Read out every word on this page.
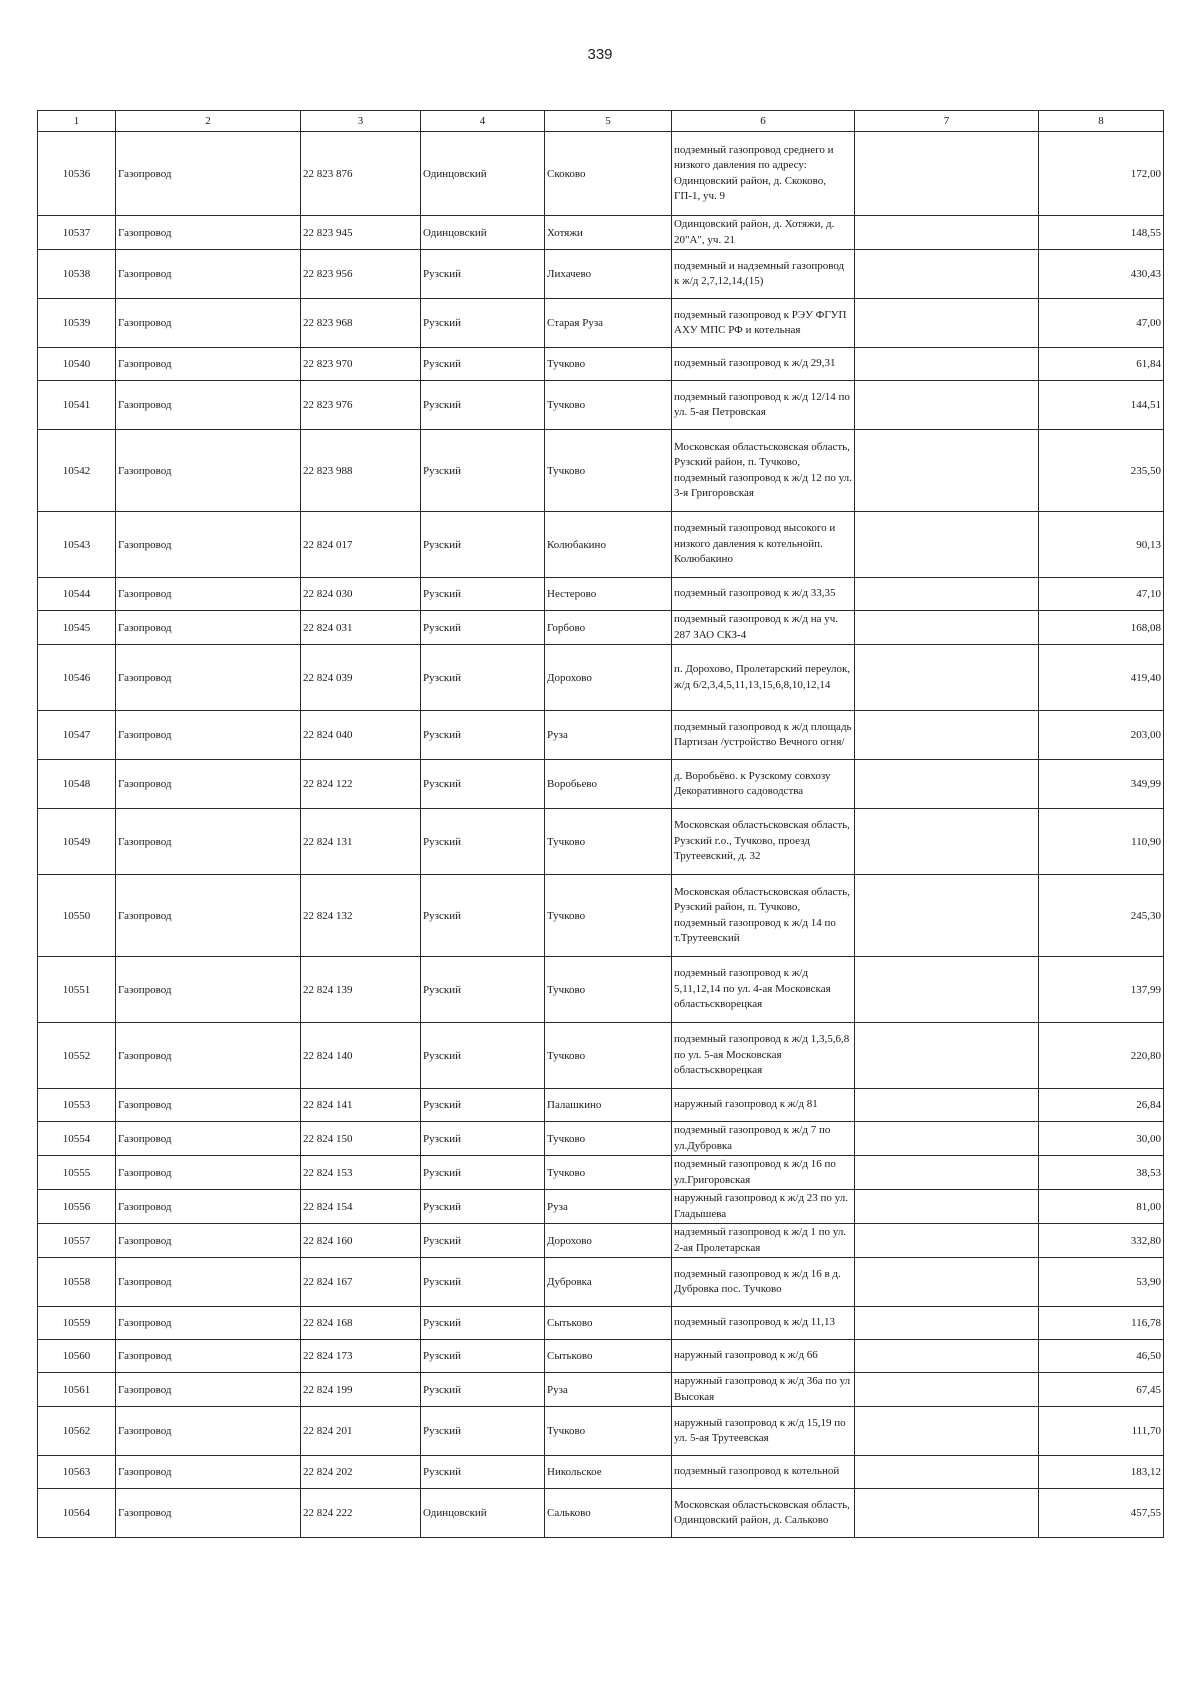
339
1	2	3	4	5	6	7	8
10536	Газопровод	22 823 876	Одинцовский	Скоково	подземный газопровод среднего и низкого давления по адресу: Одинцовский район, д. Скоково, ГП-1, уч. 9		172,00
10537	Газопровод	22 823 945	Одинцовский	Хотяжи	Одинцовский район, д. Хотяжи, д. 20"А", уч. 21		148,55
10538	Газопровод	22 823 956	Рузский	Лихачево	подземный и надземный газопровод к ж/д 2,7,12,14,(15)		430,43
10539	Газопровод	22 823 968	Рузский	Старая Руза	подземный газопровод к РЭУ ФГУП АХУ МПС РФ и котельная		47,00
10540	Газопровод	22 823 970	Рузский	Тучково	подземный газопровод к ж/д 29,31		61,84
10541	Газопровод	22 823 976	Рузский	Тучково	подземный газопровод к ж/д 12/14 по ул. 5-ая Петровская		144,51
10542	Газопровод	22 823 988	Рузский	Тучково	Московская областьсковская область, Рузский район, п. Тучково, подземный газопровод к ж/д 12 по ул. 3-я Григоровская		235,50
10543	Газопровод	22 824 017	Рузский	Колюбакино	подземный газопровод высокого и низкого давления к котельнойп. Колюбакино		90,13
10544	Газопровод	22 824 030	Рузский	Нестерово	подземный газопровод к ж/д 33,35		47,10
10545	Газопровод	22 824 031	Рузский	Горбово	подземный газопровод к ж/д на уч. 287 ЗАО СКЗ-4		168,08
10546	Газопровод	22 824 039	Рузский	Дорохово	п. Дорохово, Пролетарский переулок, ж/д 6/2,3,4,5,11,13,15,6,8,10,12,14		419,40
10547	Газопровод	22 824 040	Рузский	Руза	подземный газопровод к ж/д площадь Партизан /устройство Вечного огня/		203,00
10548	Газопровод	22 824 122	Рузский	Воробьево	д. Воробьёво. к Рузскому совхозу Декоративного садоводства		349,99
10549	Газопровод	22 824 131	Рузский	Тучково	Московская областьсковская область, Рузский г.о., Тучково, проезд Трутеевский, д. 32		110,90
10550	Газопровод	22 824 132	Рузский	Тучково	Московская областьсковская область, Рузский район, п. Тучково, подземный газопровод к ж/д 14 по т.Трутеевский		245,30
10551	Газопровод	22 824 139	Рузский	Тучково	подземный газопровод к ж/д 5,11,12,14 по ул. 4-ая Московская областьскворецкая		137,99
10552	Газопровод	22 824 140	Рузский	Тучково	подземный газопровод к ж/д 1,3,5,6,8 по ул. 5-ая Московская областьскворецкая		220,80
10553	Газопровод	22 824 141	Рузский	Палашкино	наружный газопровод к ж/д 81		26,84
10554	Газопровод	22 824 150	Рузский	Тучково	подземный газопровод к ж/д 7 по ул.Дубровка		30,00
10555	Газопровод	22 824 153	Рузский	Тучково	подземный газопровод к ж/д 16 по ул.Григоровская		38,53
10556	Газопровод	22 824 154	Рузский	Руза	наружный газопровод к ж/д 23 по ул. Гладышева		81,00
10557	Газопровод	22 824 160	Рузский	Дорохово	надземный газопровод к ж/д 1 по ул. 2-ая Пролетарская		332,80
10558	Газопровод	22 824 167	Рузский	Дубровка	подземный газопровод к ж/д 16 в д. Дубровка пос. Тучково		53,90
10559	Газопровод	22 824 168	Рузский	Сытьково	подземный газопровод к ж/д 11,13		116,78
10560	Газопровод	22 824 173	Рузский	Сытьково	наружный газопровод к ж/д 66		46,50
10561	Газопровод	22 824 199	Рузский	Руза	наружный газопровод к ж/д 36а по ул Высокая		67,45
10562	Газопровод	22 824 201	Рузский	Тучково	наружный газопровод к ж/д 15,19 по ул. 5-ая Трутеевская		111,70
10563	Газопровод	22 824 202	Рузский	Никольское	подземный газопровод к котельной		183,12
10564	Газопровод	22 824 222	Одинцовский	Сальково	Московская областьсковская область, Одинцовский район, д. Сальково		457,55
